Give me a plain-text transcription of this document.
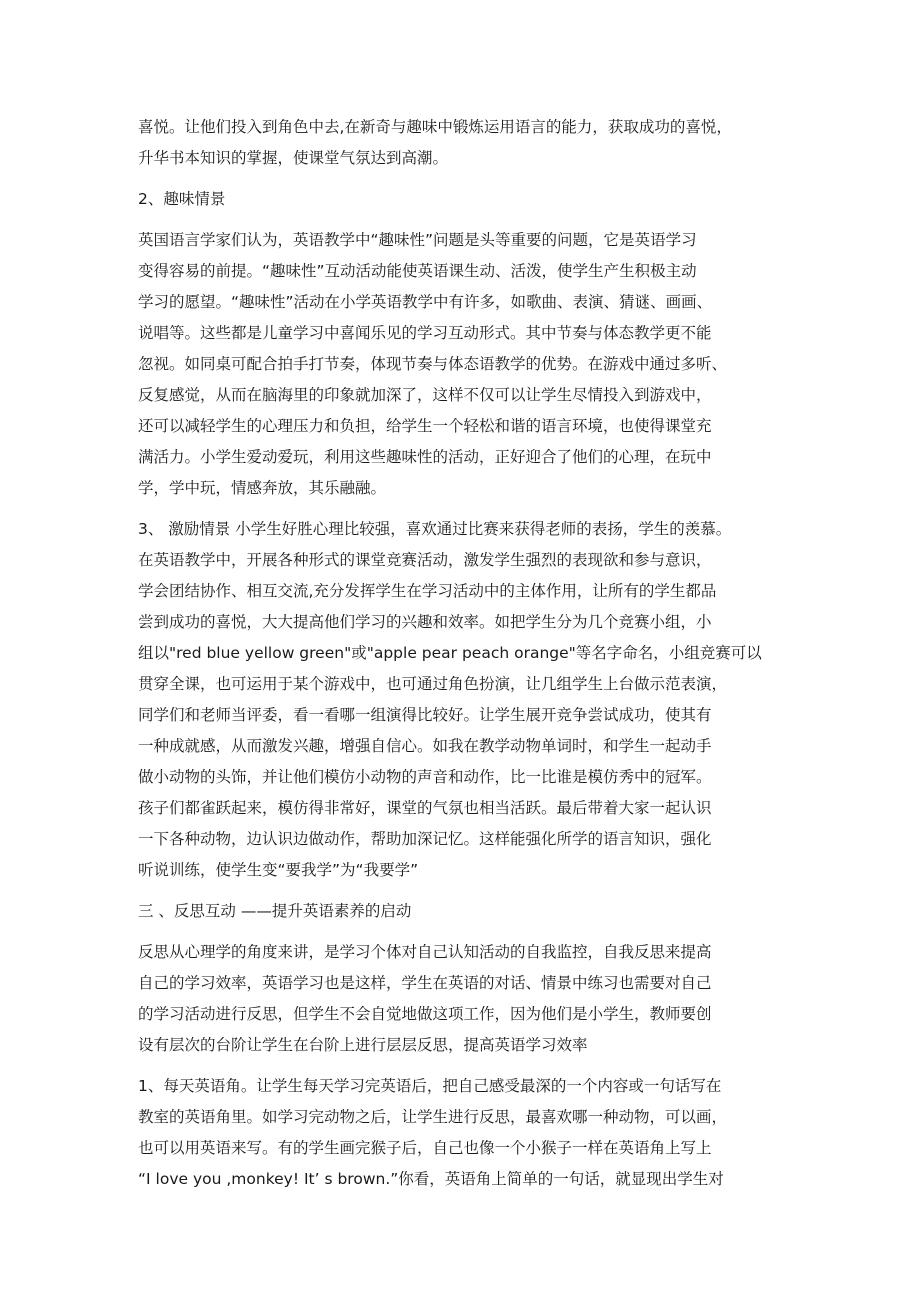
喜悦。让他们投入到角色中去,在新奇与趣味中锻炼运用语言的能力，获取成功的喜悦，
升华书本知识的掌握，使课堂气氛达到高潮。

2、趣味情景

英国语言学家们认为，英语教学中“趣味性”问题是头等重要的问题，它是英语学习
变得容易的前提。“趣味性”互动活动能使英语课生动、活泼，使学生产生积极主动
学习的愿望。“趣味性”活动在小学英语教学中有许多，如歌曲、表演、猜谜、画画、
说唱等。这些都是儿童学习中喜闻乐见的学习互动形式。其中节奏与体态教学更不能
忽视。如同桌可配合拍手打节奏，体现节奏与体态语教学的优势。在游戏中通过多听、
反复感觉，从而在脑海里的印象就加深了，这样不仅可以让学生尽情投入到游戏中，
还可以减轻学生的心理压力和负担，给学生一个轻松和谐的语言环境，也使得课堂充
满活力。小学生爱动爱玩，利用这些趣味性的活动，正好迎合了他们的心理，在玩中
学，学中玩，情感奔放，其乐融融。

3、 激励情景 小学生好胜心理比较强，喜欢通过比赛来获得老师的表扬，学生的羡慕。
在英语教学中，开展各种形式的课堂竞赛活动，激发学生强烈的表现欲和参与意识，
学会团结协作、相互交流,充分发挥学生在学习活动中的主体作用，让所有的学生都品
尝到成功的喜悦，大大提高他们学习的兴趣和效率。如把学生分为几个竞赛小组，小
组以"red blue yellow green"或"apple pear peach orange"等名字命名，小组竞赛可以
贯穿全课，也可运用于某个游戏中，也可通过角色扮演，让几组学生上台做示范表演，
同学们和老师当评委，看一看哪一组演得比较好。让学生展开竞争尝试成功，使其有
一种成就感，从而激发兴趣，增强自信心。如我在教学动物单词时，和学生一起动手
做小动物的头饰，并让他们模仿小动物的声音和动作，比一比谁是模仿秀中的冠军。
孩子们都雀跃起来，模仿得非常好，课堂的气氛也相当活跃。最后带着大家一起认识
一下各种动物，边认识边做动作，帮助加深记忆。这样能强化所学的语言知识，强化
听说训练，使学生变“要我学”为“我要学”

三 、反思互动 ——提升英语素养的启动

反思从心理学的角度来讲，是学习个体对自己认知活动的自我监控，自我反思来提高
自己的学习效率，英语学习也是这样，学生在英语的对话、情景中练习也需要对自己
的学习活动进行反思，但学生不会自觉地做这项工作，因为他们是小学生，教师要创
设有层次的台阶让学生在台阶上进行层层反思，提高英语学习效率

1、每天英语角。让学生每天学习完英语后，把自己感受最深的一个内容或一句话写在
教室的英语角里。如学习完动物之后，让学生进行反思，最喜欢哪一种动物，可以画，
也可以用英语来写。有的学生画完猴子后，自己也像一个小猴子一样在英语角上写上
“I love you ,monkey! It’ s brown.”你看，英语角上简单的一句话，就显现出学生对
